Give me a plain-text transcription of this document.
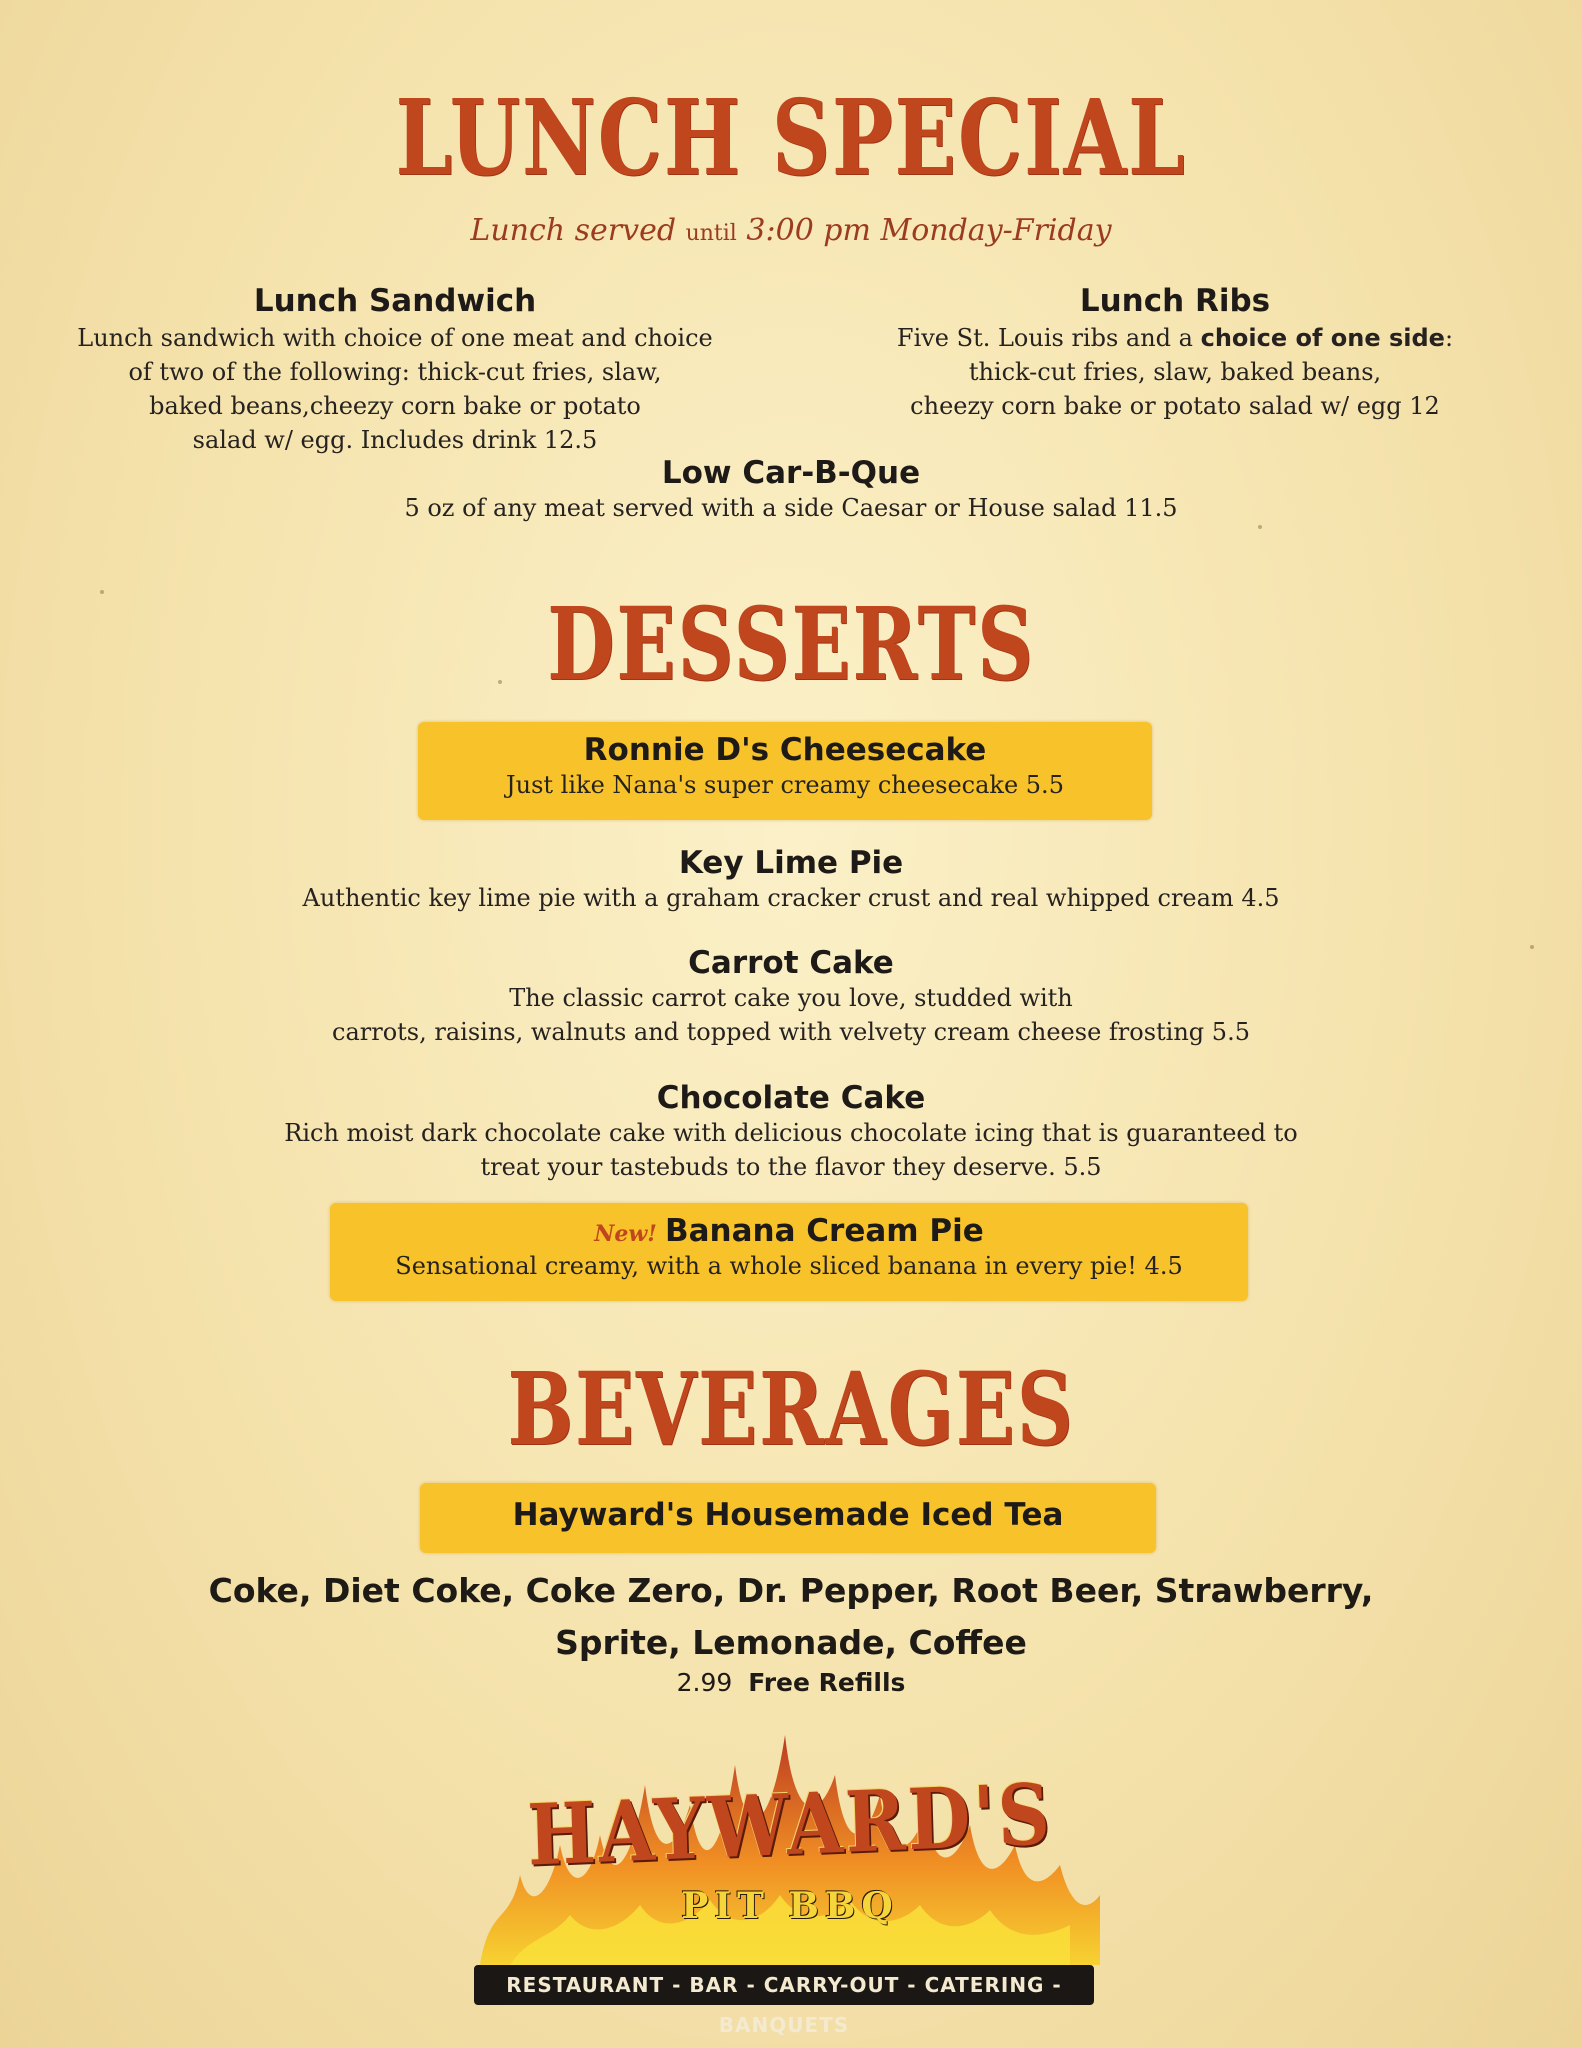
LUNCH SPECIAL
Lunch served until 3:00 pm Monday-Friday
Lunch Sandwich
Lunch sandwich with choice of one meat and choice
of two of the following: thick-cut fries, slaw,
baked beans,cheezy corn bake or potato
salad w/ egg. Includes drink 12.5
Lunch Ribs
Five St. Louis ribs and a choice of one side:
thick-cut fries, slaw, baked beans,
cheezy corn bake or potato salad w/ egg 12
Low Car-B-Que
5 oz of any meat served with a side Caesar or House salad 11.5
DESSERTS
Ronnie D's Cheesecake
Just like Nana's super creamy cheesecake 5.5
Key Lime Pie
Authentic key lime pie with a graham cracker crust and real whipped cream 4.5
Carrot Cake
The classic carrot cake you love, studded with
carrots, raisins, walnuts and topped with velvety cream cheese frosting 5.5
Chocolate Cake
Rich moist dark chocolate cake with delicious chocolate icing that is guaranteed to
treat your tastebuds to the flavor they deserve. 5.5
New! Banana Cream Pie
Sensational creamy, with a whole sliced banana in every pie! 4.5
BEVERAGES
Hayward's Housemade Iced Tea
Coke, Diet Coke, Coke Zero, Dr. Pepper, Root Beer, Strawberry,
Sprite, Lemonade, Coffee
2.99 Free Refills
HAYWARD'S
PIT BBQ
RESTAURANT - BAR - CARRY-OUT - CATERING - BANQUETS
